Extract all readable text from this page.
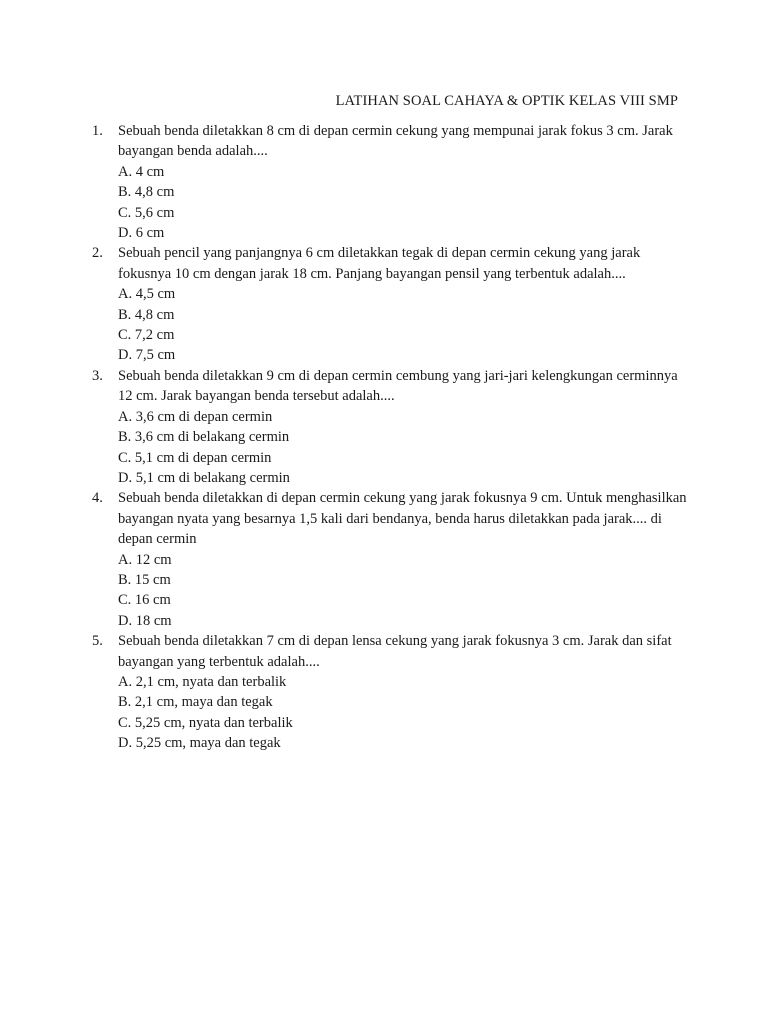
LATIHAN SOAL CAHAYA & OPTIK KELAS VIII SMP
1. Sebuah benda diletakkan 8 cm di depan cermin cekung yang mempunai jarak fokus 3 cm. Jarak bayangan benda adalah....
A. 4 cm
B. 4,8 cm
C. 5,6 cm
D. 6 cm
2. Sebuah pencil yang panjangnya 6 cm diletakkan tegak di depan cermin cekung yang jarak fokusnya 10 cm dengan jarak 18 cm. Panjang bayangan pensil yang terbentuk adalah....
A. 4,5 cm
B. 4,8 cm
C. 7,2 cm
D. 7,5 cm
3. Sebuah benda diletakkan 9 cm di depan cermin cembung yang jari-jari kelengkungan cerminnya 12 cm. Jarak bayangan benda tersebut adalah....
A. 3,6 cm di depan cermin
B. 3,6 cm di belakang cermin
C. 5,1 cm di depan cermin
D. 5,1 cm di belakang cermin
4. Sebuah benda diletakkan di depan cermin cekung yang jarak fokusnya 9 cm. Untuk menghasilkan bayangan nyata yang besarnya 1,5 kali dari bendanya, benda harus diletakkan pada jarak.... di depan cermin
A. 12 cm
B. 15 cm
C. 16 cm
D. 18 cm
5. Sebuah benda diletakkan 7 cm di depan lensa cekung yang jarak fokusnya 3 cm. Jarak dan sifat bayangan yang terbentuk adalah....
A. 2,1 cm, nyata dan terbalik
B. 2,1 cm, maya dan tegak
C. 5,25 cm, nyata dan terbalik
D. 5,25 cm, maya dan tegak
